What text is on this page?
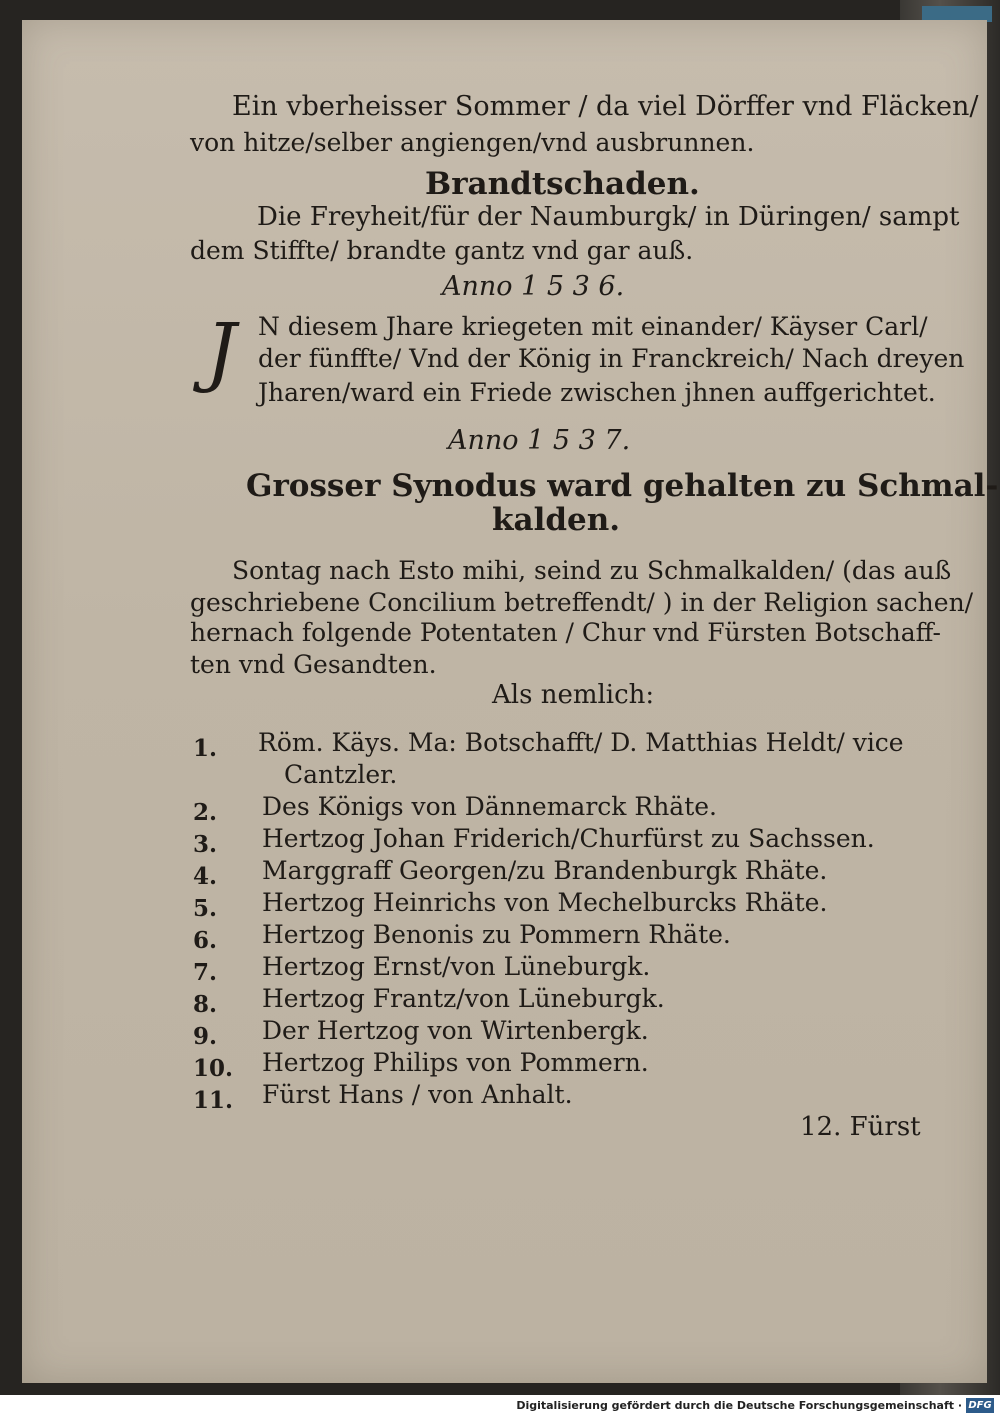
Ein vberheisser Sommer / da viel Dörffer vnd Fläcken/

von hitze/selber angiengen/vnd ausbrunnen.

Brandtschaden.

Die Freyheit/für der Naumburgk/ in Düringen/ sampt

dem Stiffte/ brandte gantz vnd gar auß.

Anno 1 5 3 6.

J N diesem Jhare kriegeten mit einander/ Käyser Carl/

der fünffte/ Vnd der König in Franckreich/ Nach dreyen

Jharen/ward ein Friede zwischen jhnen auffgerichtet.

Anno 1 5 3 7.

Grosser Synodus ward gehalten zu Schmal-

kalden.

Sontag nach Esto mihi, seind zu Schmalkalden/ (das auß

geschriebene Concilium betreffendt/ ) in der Religion sachen/

hernach folgende Potentaten / Chur vnd Fürsten Botschaff-

ten vnd Gesandten.

Als nemlich:

1. Röm. Käys. Ma: Botschafft/ D. Matthias Heldt/ vice

Cantzler.

2. Des Königs von Dännemarck Rhäte.

3. Hertzog Johan Friderich/Churfürst zu Sachssen.

4. Marggraff Georgen/zu Brandenburgk Rhäte.

5. Hertzog Heinrichs von Mechelburcks Rhäte.

6. Hertzog Benonis zu Pommern Rhäte.

7. Hertzog Ernst/von Lüneburgk.

8. Hertzog Frantz/von Lüneburgk.

9. Der Hertzog von Wirtenbergk.

10. Hertzog Philips von Pommern.

11. Fürst Hans / von Anhalt.

12. Fürst

Digitalisierung gefördert durch die Deutsche Forschungsgemeinschaft · DFG
